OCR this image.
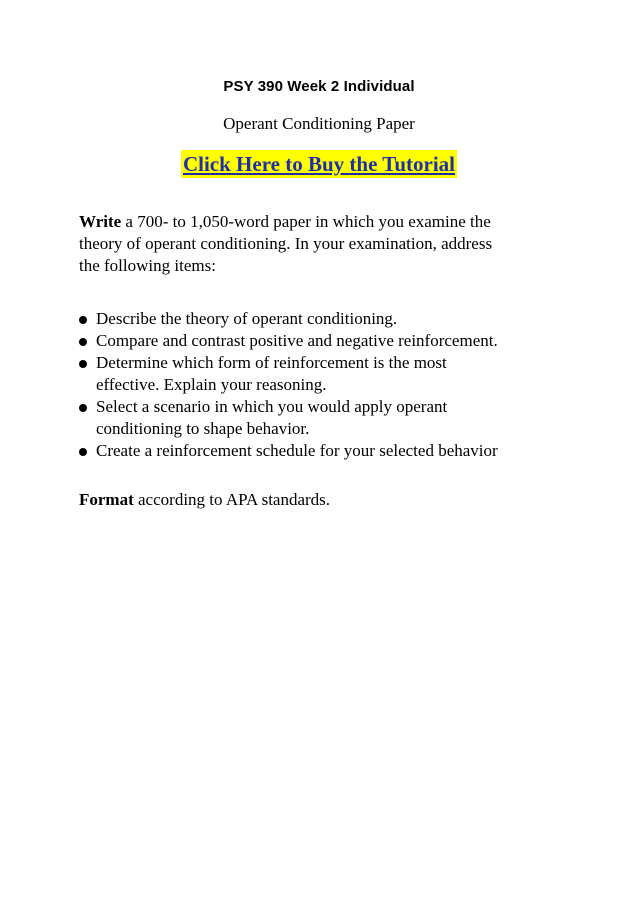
PSY 390 Week 2 Individual
Operant Conditioning Paper
Click Here to Buy the Tutorial
Write a 700- to 1,050-word paper in which you examine the
theory of operant conditioning. In your examination, address
the following items:
Describe the theory of operant conditioning.
Compare and contrast positive and negative reinforcement.
Determine which form of reinforcement is the most
effective. Explain your reasoning.
Select a scenario in which you would apply operant
conditioning to shape behavior.
Create a reinforcement schedule for your selected behavior
Format according to APA standards.
